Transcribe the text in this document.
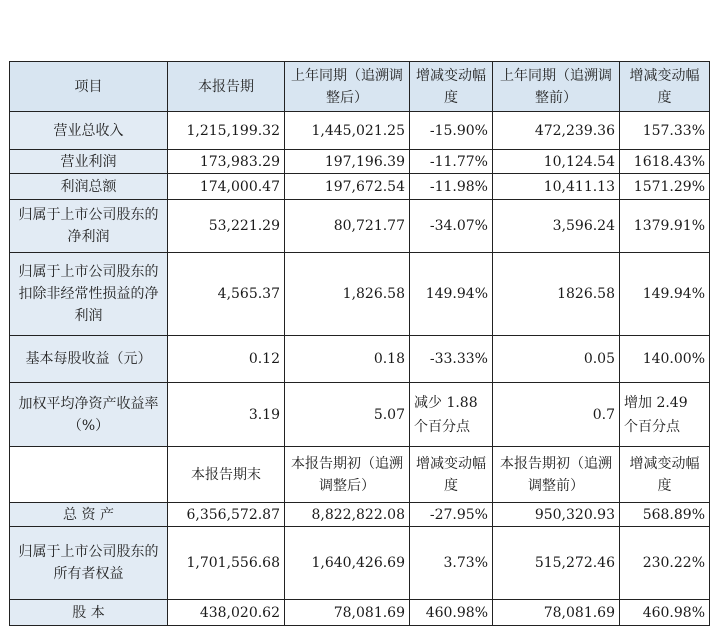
项目	本报告期	上年同期（追溯调整后）	增减变动幅度	上年同期（追溯调整前）	增减变动幅度
营业总收入	1,215,199.32	1,445,021.25	-15.90%	472,239.36	157.33%
营业利润	173,983.29	197,196.39	-11.77%	10,124.54	1618.43%
利润总额	174,000.47	197,672.54	-11.98%	10,411.13	1571.29%
归属于上市公司股东的净利润	53,221.29	80,721.77	-34.07%	3,596.24	1379.91%
归属于上市公司股东的扣除非经常性损益的净利润	4,565.37	1,826.58	149.94%	1826.58	149.94%
基本每股收益（元）	0.12	0.18	-33.33%	0.05	140.00%
加权平均净资产收益率（%）	3.19	5.07	减少 1.88 个百分点	0.7	增加 2.49 个百分点
	本报告期末	本报告期初（追溯调整后）	增减变动幅度	本报告期初（追溯调整前）	增减变动幅度
总 资 产	6,356,572.87	8,822,822.08	-27.95%	950,320.93	568.89%
归属于上市公司股东的所有者权益	1,701,556.68	1,640,426.69	3.73%	515,272.46	230.22%
股 本	438,020.62	78,081.69	460.98%	78,081.69	460.98%
